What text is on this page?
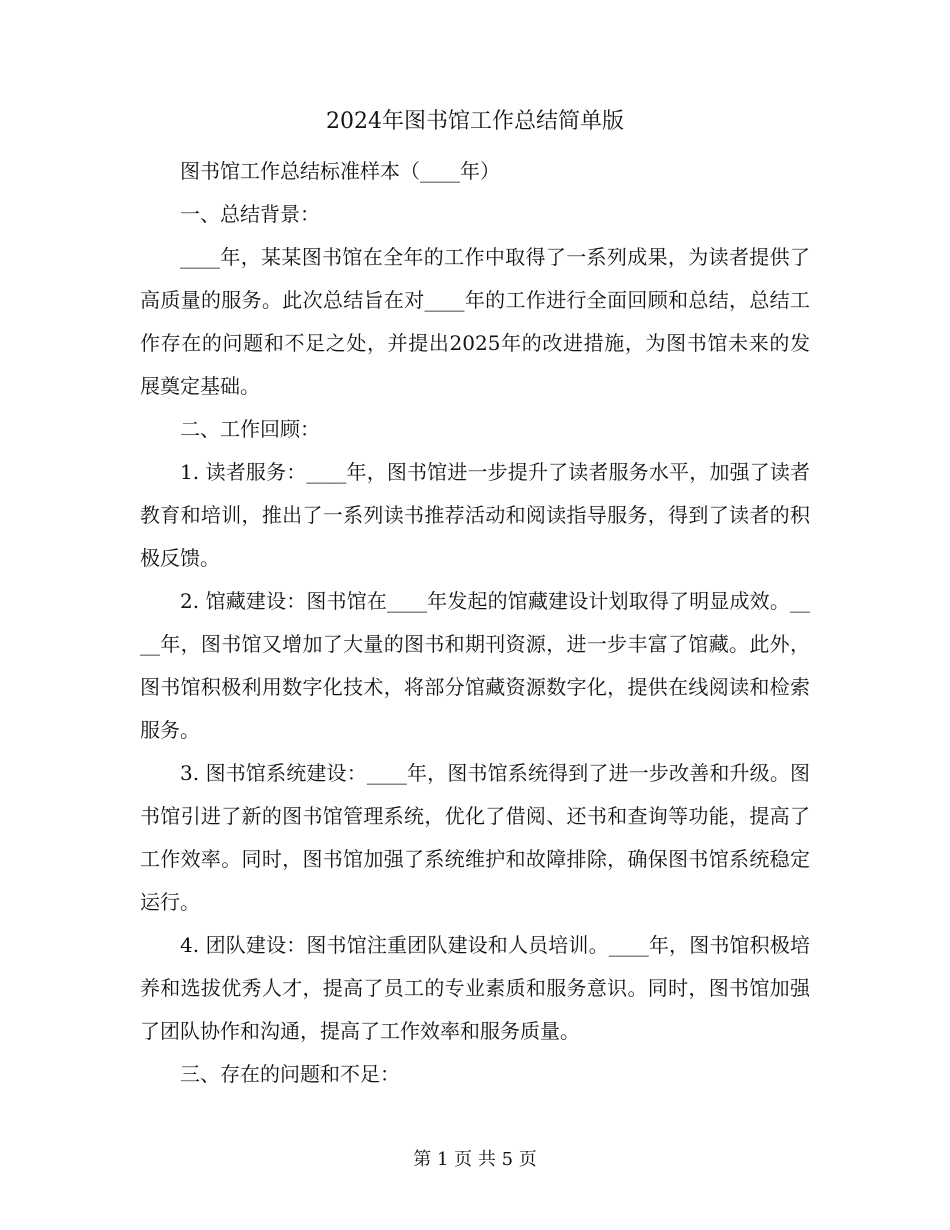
2024年图书馆工作总结简单版

图书馆工作总结标准样本（____年）

一、总结背景：

____年，某某图书馆在全年的工作中取得了一系列成果，为读者提供了高质量的服务。此次总结旨在对____年的工作进行全面回顾和总结，总结工作存在的问题和不足之处，并提出2025年的改进措施，为图书馆未来的发展奠定基础。

二、工作回顾：

1. 读者服务：____年，图书馆进一步提升了读者服务水平，加强了读者教育和培训，推出了一系列读书推荐活动和阅读指导服务，得到了读者的积极反馈。

2. 馆藏建设：图书馆在____年发起的馆藏建设计划取得了明显成效。____年，图书馆又增加了大量的图书和期刊资源，进一步丰富了馆藏。此外，图书馆积极利用数字化技术，将部分馆藏资源数字化，提供在线阅读和检索服务。

3. 图书馆系统建设：____年，图书馆系统得到了进一步改善和升级。图书馆引进了新的图书馆管理系统，优化了借阅、还书和查询等功能，提高了工作效率。同时，图书馆加强了系统维护和故障排除，确保图书馆系统稳定运行。

4. 团队建设：图书馆注重团队建设和人员培训。____年，图书馆积极培养和选拔优秀人才，提高了员工的专业素质和服务意识。同时，图书馆加强了团队协作和沟通，提高了工作效率和服务质量。

三、存在的问题和不足：

第 1 页 共 5 页
